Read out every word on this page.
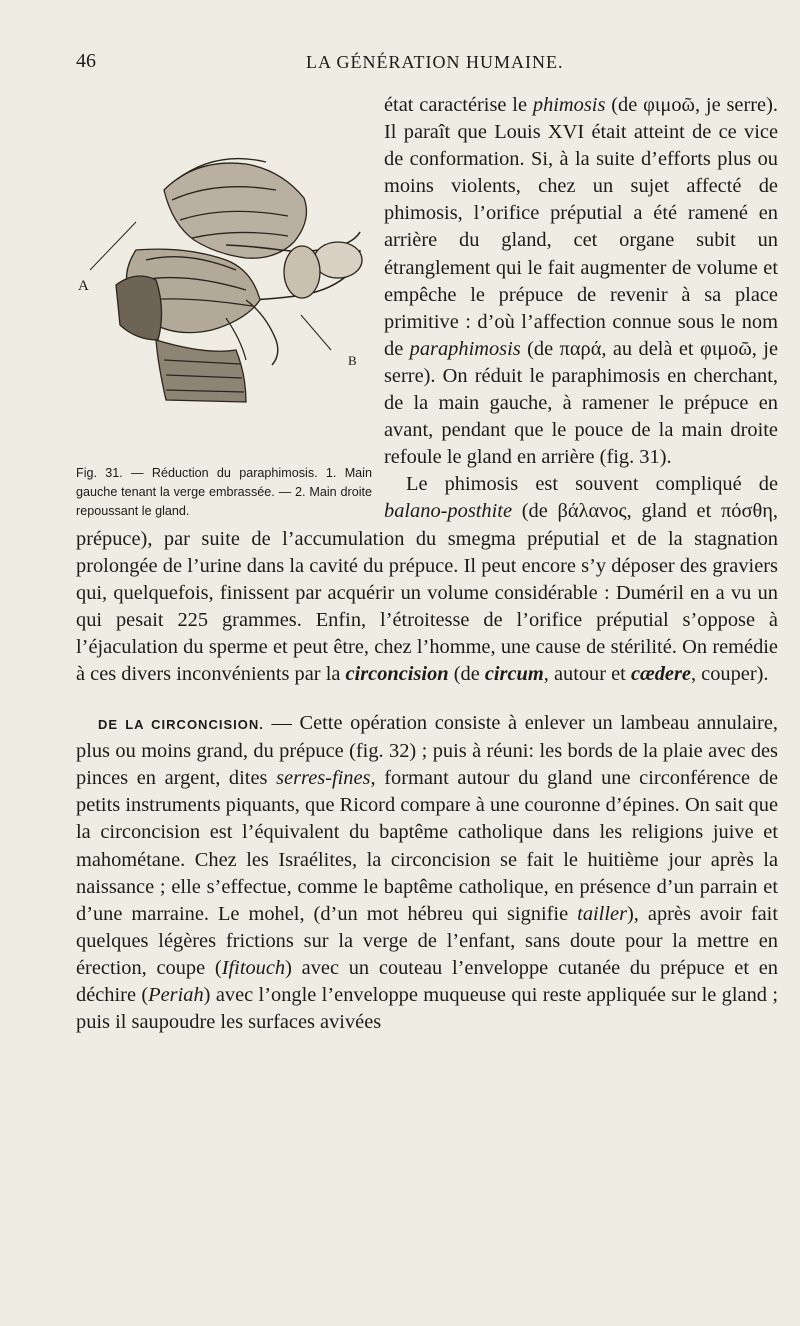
46	LA GÉNÉRATION HUMAINE.
A
B
Fig. 31. — Réduction du paraphimosis. 1. Main gauche tenant la verge embrassée. — 2. Main droite repoussant le gland.

état caractérise le phimosis (de φιμοῶ, je serre). Il paraît que Louis XVI était atteint de ce vice de conformation. Si, à la suite d’efforts plus ou moins violents, chez un sujet affecté de phimosis, l’orifice préputial a été ramené en arrière du gland, cet organe subit un étranglement qui le fait augmenter de volume et empêche le prépuce de revenir à sa place primitive : d’où l’affection connue sous le nom de paraphimosis (de παρά, au delà et φιμοῶ, je serre). On réduit le paraphimosis en cherchant, de la main gauche, à ramener le prépuce en avant, pendant que le pouce de la main droite refoule le gland en arrière (fig. 31).

Le phimosis est souvent compliqué de balano-posthite (de βάλανος, gland et πόσθη, prépuce), par suite de l’accumulation du smegma préputial et de la stagnation prolongée de l’urine dans la cavité du prépuce. Il peut encore s’y déposer des graviers qui, quelquefois, finissent par acquérir un volume considérable : Duméril en a vu un qui pesait 225 grammes. Enfin, l’étroitesse de l’orifice préputial s’oppose à l’éjaculation du sperme et peut être, chez l’homme, une cause de stérilité. On remédie à ces divers inconvénients par la circoncision (de circum, autour et cædere, couper).

DE LA CIRCONCISION. — Cette opération consiste à enlever un lambeau annulaire, plus ou moins grand, du prépuce (fig. 32) ; puis à réuni: les bords de la plaie avec des pinces en argent, dites serres-fines, formant autour du gland une circonférence de petits instruments piquants, que Ricord compare à une couronne d’épines. On sait que la circoncision est l’équivalent du baptême catholique dans les religions juive et mahométane. Chez les Israélites, la circoncision se fait le huitième jour après la naissance ; elle s’effectue, comme le baptême catholique, en présence d’un parrain et d’une marraine. Le mohel, (d’un mot hébreu qui signifie tailler), après avoir fait quelques légères frictions sur la verge de l’enfant, sans doute pour la mettre en érection, coupe (Ifitouch) avec un couteau l’enveloppe cutanée du prépuce et en déchire (Periah) avec l’ongle l’enveloppe muqueuse qui reste appliquée sur le gland ; puis il saupoudre les surfaces avivées
